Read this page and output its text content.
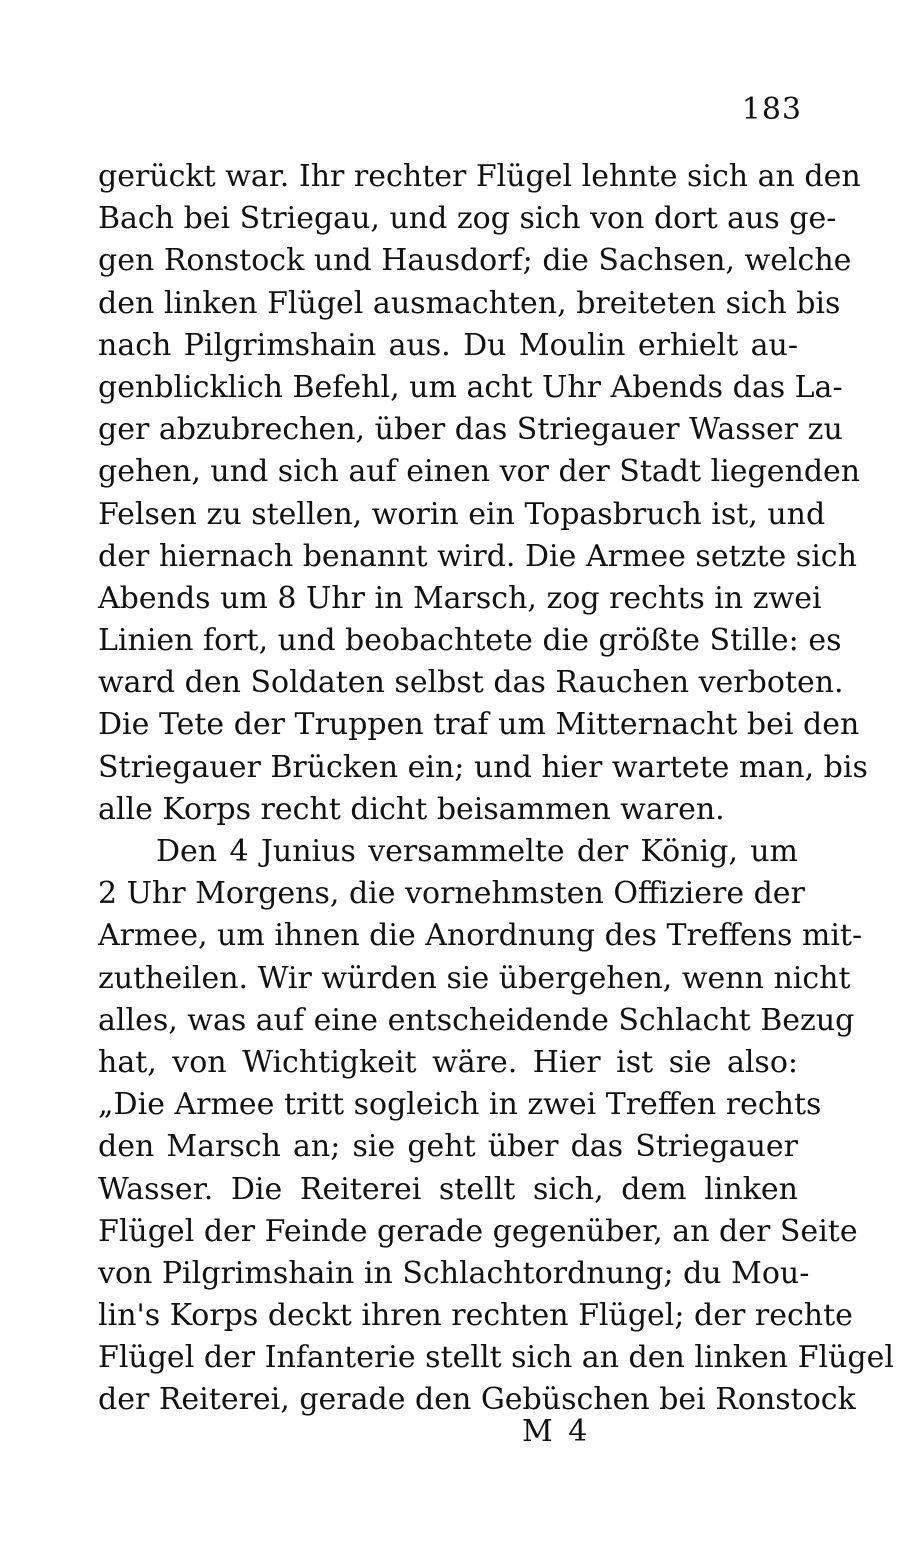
183
gerückt war. Ihr rechter Flügel lehnte sich an den
Bach bei Striegau, und zog sich von dort aus ge-
gen Ronstock und Hausdorf; die Sachsen, welche
den linken Flügel ausmachten, breiteten sich bis
nach Pilgrimshain aus. Du Moulin erhielt au-
genblicklich Befehl, um acht Uhr Abends das La-
ger abzubrechen, über das Striegauer Wasser zu
gehen, und sich auf einen vor der Stadt liegenden
Felsen zu stellen, worin ein Topasbruch ist, und
der hiernach benannt wird. Die Armee setzte sich
Abends um 8 Uhr in Marsch, zog rechts in zwei
Linien fort, und beobachtete die größte Stille: es
ward den Soldaten selbst das Rauchen verboten.
Die Tete der Truppen traf um Mitternacht bei den
Striegauer Brücken ein; und hier wartete man, bis
alle Korps recht dicht beisammen waren.
Den 4 Junius versammelte der König, um
2 Uhr Morgens, die vornehmsten Offiziere der
Armee, um ihnen die Anordnung des Treffens mit-
zutheilen. Wir würden sie übergehen, wenn nicht
alles, was auf eine entscheidende Schlacht Bezug
hat, von Wichtigkeit wäre. Hier ist sie also:
„Die Armee tritt sogleich in zwei Treffen rechts
den Marsch an; sie geht über das Striegauer
Wasser. Die Reiterei stellt sich, dem linken
Flügel der Feinde gerade gegenüber, an der Seite
von Pilgrimshain in Schlachtordnung; du Mou-
lin's Korps deckt ihren rechten Flügel; der rechte
Flügel der Infanterie stellt sich an den linken Flügel
der Reiterei, gerade den Gebüschen bei Ronstock
M 4
